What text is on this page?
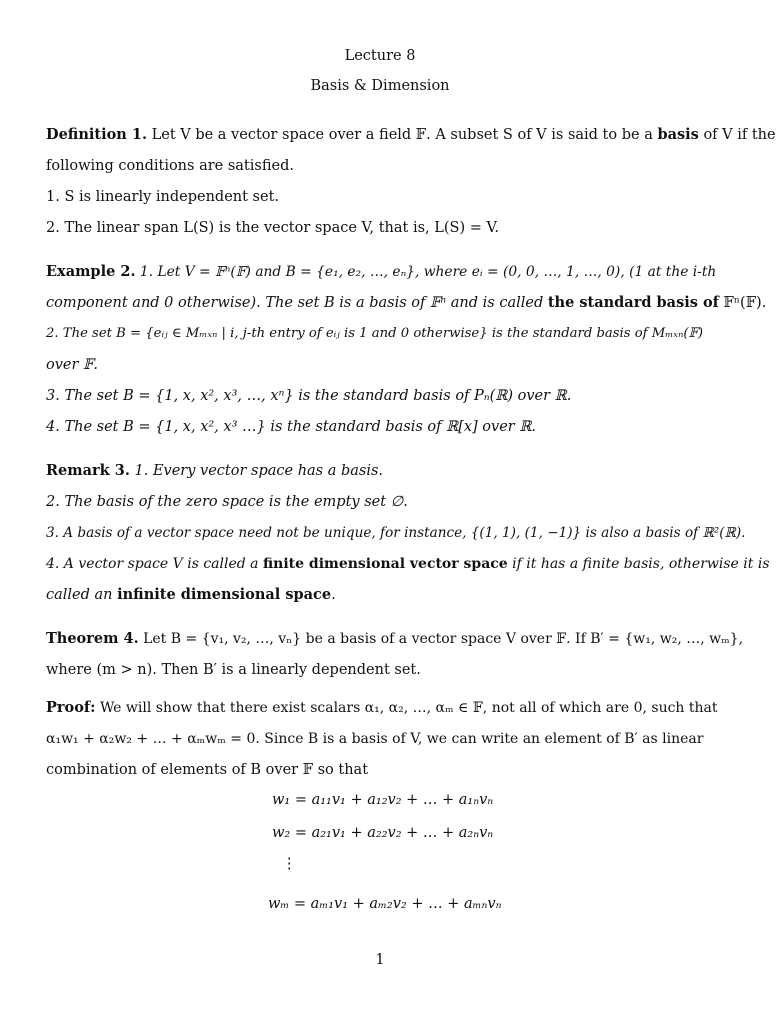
Lecture 8
Basis & Dimension
Definition 1. Let V be a vector space over a field 𝔽. A subset S of V is said to be a basis of V if the
following conditions are satisfied.
1. S is linearly independent set.
2. The linear span L(S) is the vector space V, that is, L(S) = V.
Example 2. 1. Let V = 𝔽ⁿ(𝔽) and B = {e₁, e₂, …, eₙ}, where eᵢ = (0, 0, …, 1, …, 0), (1 at the i-th
component and 0 otherwise). The set B is a basis of 𝔽ⁿ and is called the standard basis of 𝔽ⁿ(𝔽).
2. The set B = {eᵢⱼ ∈ Mₘₓₙ | i, j-th entry of eᵢⱼ is 1 and 0 otherwise} is the standard basis of Mₘₓₙ(𝔽)
over 𝔽.
3. The set B = {1, x, x², x³, …, xⁿ} is the standard basis of Pₙ(ℝ) over ℝ.
4. The set B = {1, x, x², x³ …} is the standard basis of ℝ[x] over ℝ.
Remark 3. 1. Every vector space has a basis.
2. The basis of the zero space is the empty set ∅.
3. A basis of a vector space need not be unique, for instance, {(1, 1), (1, −1)} is also a basis of ℝ²(ℝ).
4. A vector space V is called a finite dimensional vector space if it has a finite basis, otherwise it is
called an infinite dimensional space.
Theorem 4. Let B = {v₁, v₂, …, vₙ} be a basis of a vector space V over 𝔽. If B′ = {w₁, w₂, …, wₘ},
where (m > n). Then B′ is a linearly dependent set.
Proof: We will show that there exist scalars α₁, α₂, …, αₘ ∈ 𝔽, not all of which are 0, such that
α₁w₁ + α₂w₂ + … + αₘwₘ = 0. Since B is a basis of V, we can write an element of B′ as linear
combination of elements of B over 𝔽 so that
w₁ = a₁₁v₁ + a₁₂v₂ + … + a₁ₙvₙ
w₂ = a₂₁v₁ + a₂₂v₂ + … + a₂ₙvₙ
⋮
wₘ = aₘ₁v₁ + aₘ₂v₂ + … + aₘₙvₙ
1
